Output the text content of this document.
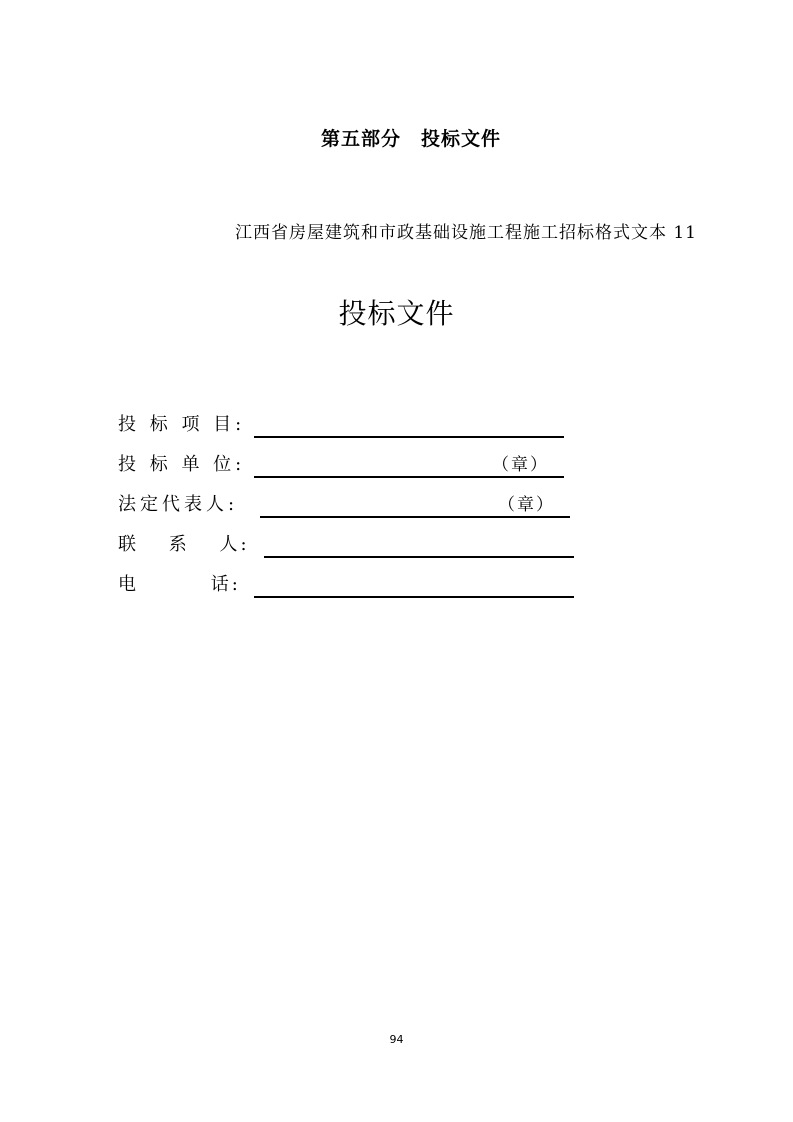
第五部分　投标文件
江西省房屋建筑和市政基础设施工程施工招标格式文本 11
投标文件
投 标 项 目:
投 标 单 位:	（章）
法定代表人:	（章）
联　 系　 人:
电　　　 话:
94
